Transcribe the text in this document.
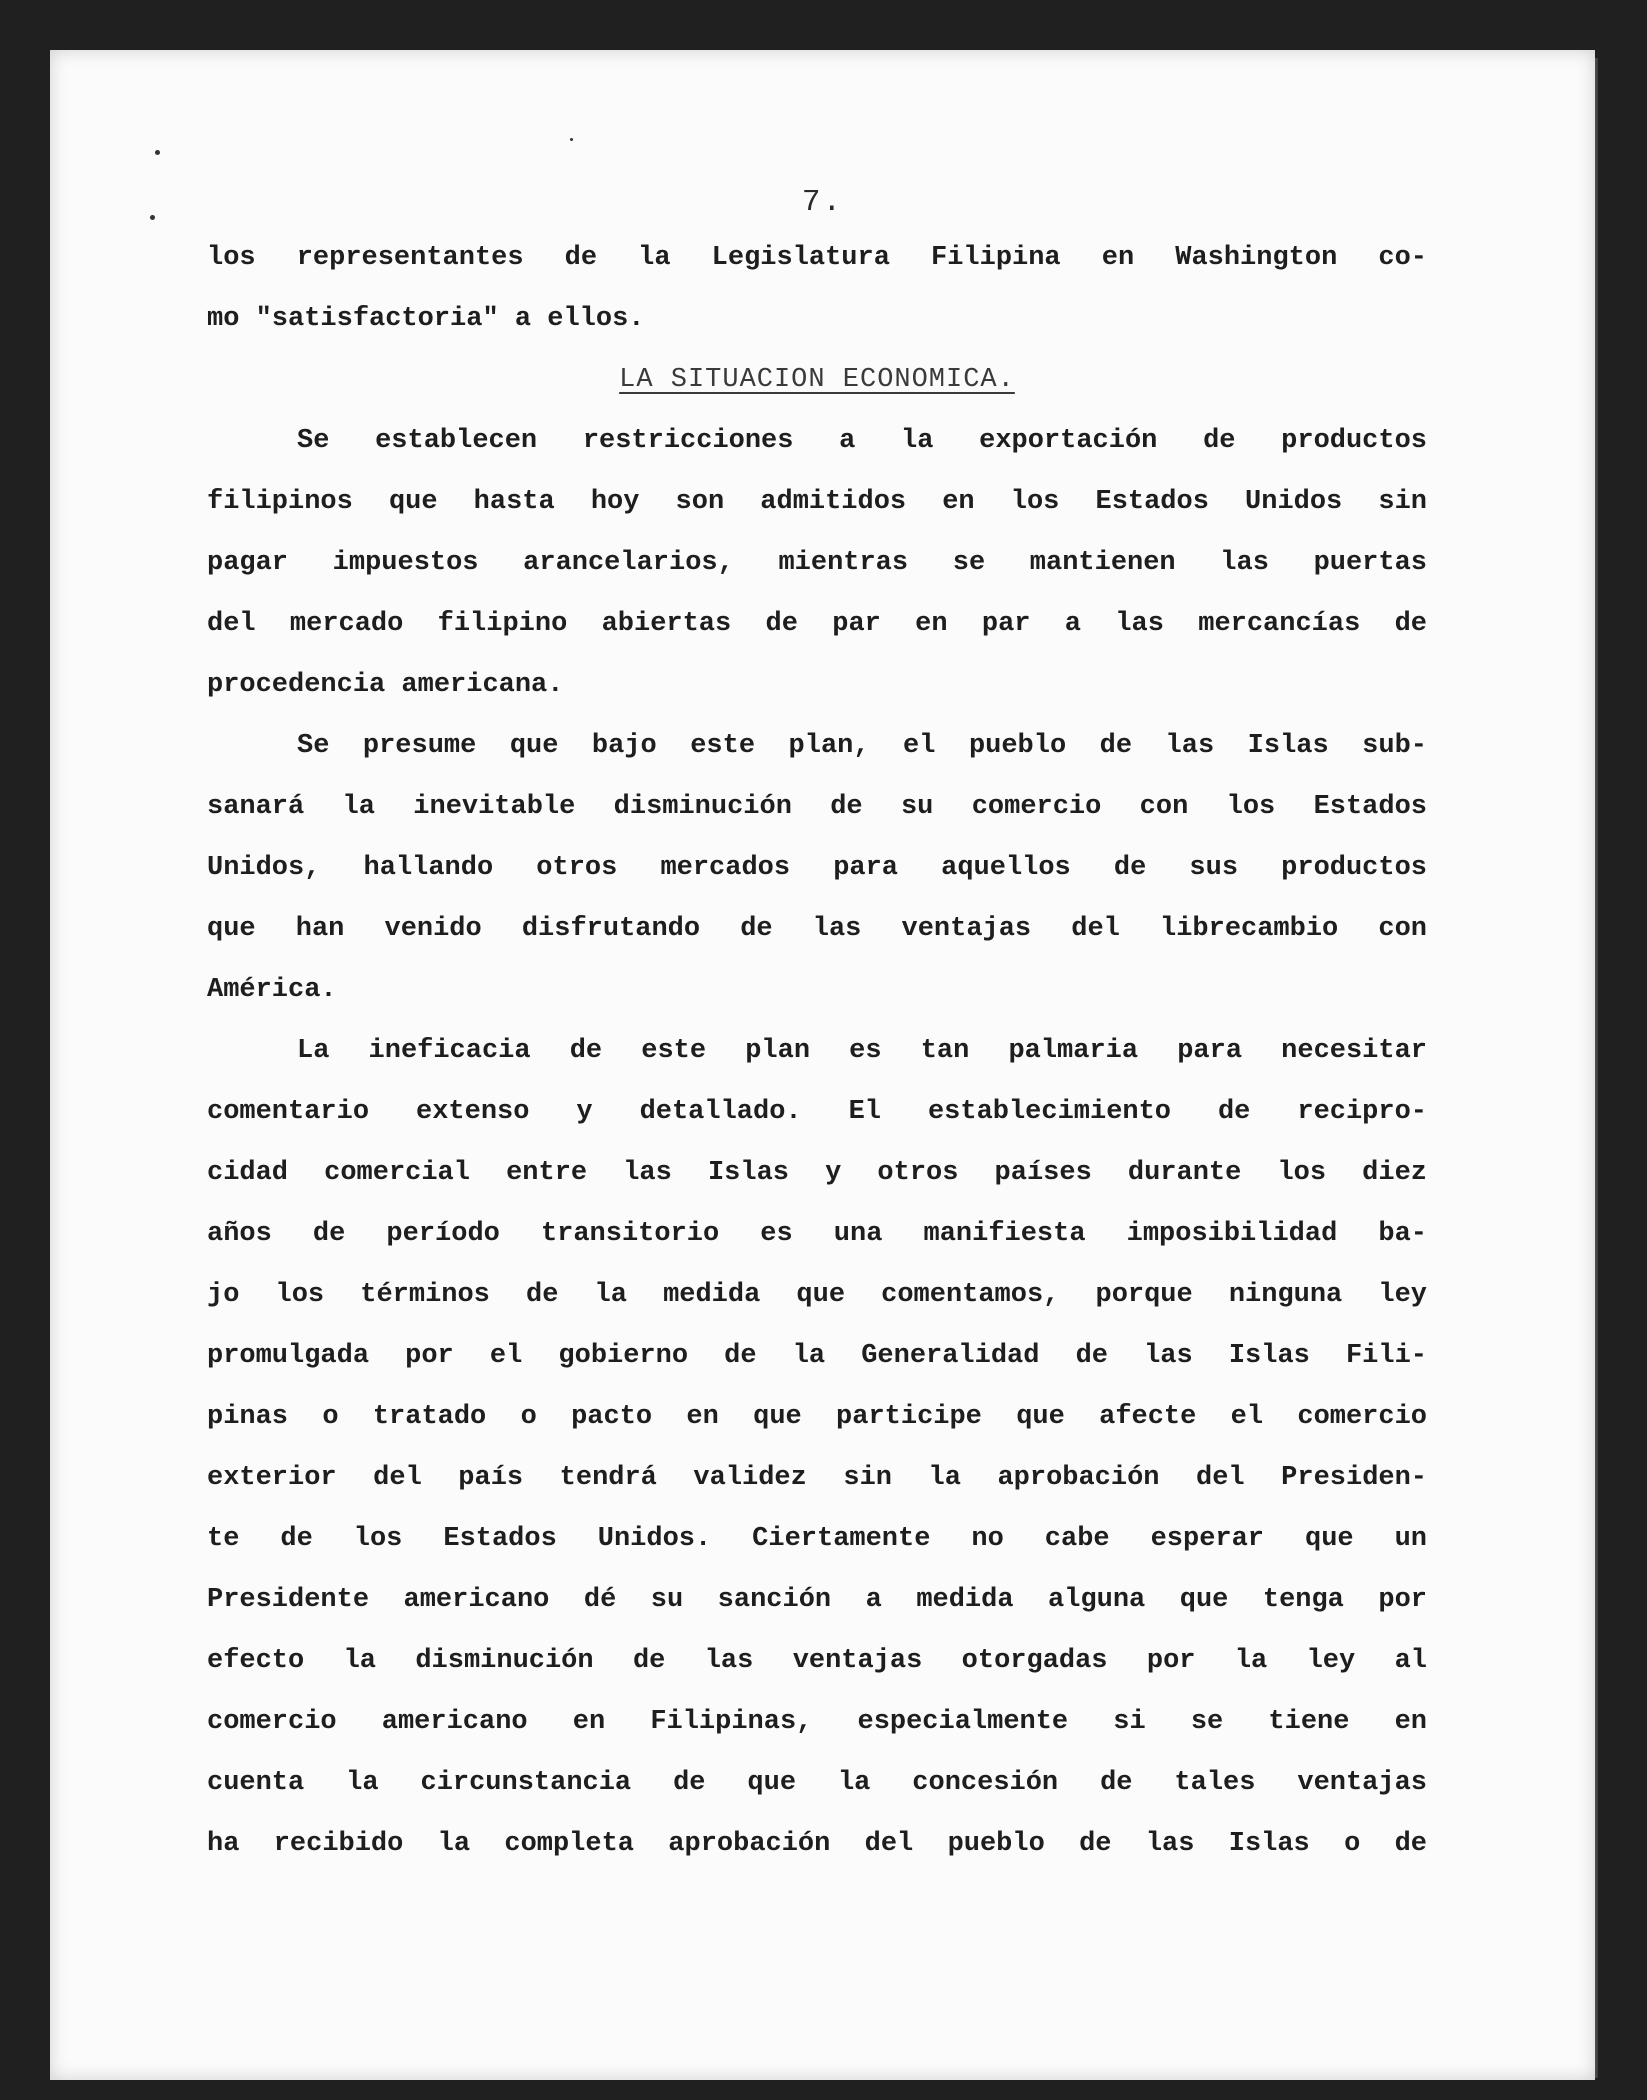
7.
los representantes de la Legislatura Filipina en Washington co-
mo "satisfactoria" a ellos.
LA SITUACION ECONOMICA.
Se establecen restricciones a la exportación de productos
filipinos que hasta hoy son admitidos en los Estados Unidos sin
pagar impuestos arancelarios, mientras se mantienen las puertas
del mercado filipino abiertas de par en par a las mercancías de
procedencia americana.
Se presume que bajo este plan, el pueblo de las Islas sub-
sanará la inevitable disminución de su comercio con los Estados
Unidos, hallando otros mercados para aquellos de sus productos
que han venido disfrutando de las ventajas del librecambio con
América.
La ineficacia de este plan es tan palmaria para necesitar
comentario extenso y detallado. El establecimiento de recipro-
cidad comercial entre las Islas y otros países durante los diez
años de período transitorio es una manifiesta imposibilidad ba-
jo los términos de la medida que comentamos, porque ninguna ley
promulgada por el gobierno de la Generalidad de las Islas Fili-
pinas o tratado o pacto en que participe que afecte el comercio
exterior del país tendrá validez sin la aprobación del Presiden-
te de los Estados Unidos. Ciertamente no cabe esperar que un
Presidente americano dé su sanción a medida alguna que tenga por
efecto la disminución de las ventajas otorgadas por la ley al
comercio americano en Filipinas, especialmente si se tiene en
cuenta la circunstancia de que la concesión de tales ventajas
ha recibido la completa aprobación del pueblo de las Islas o de
